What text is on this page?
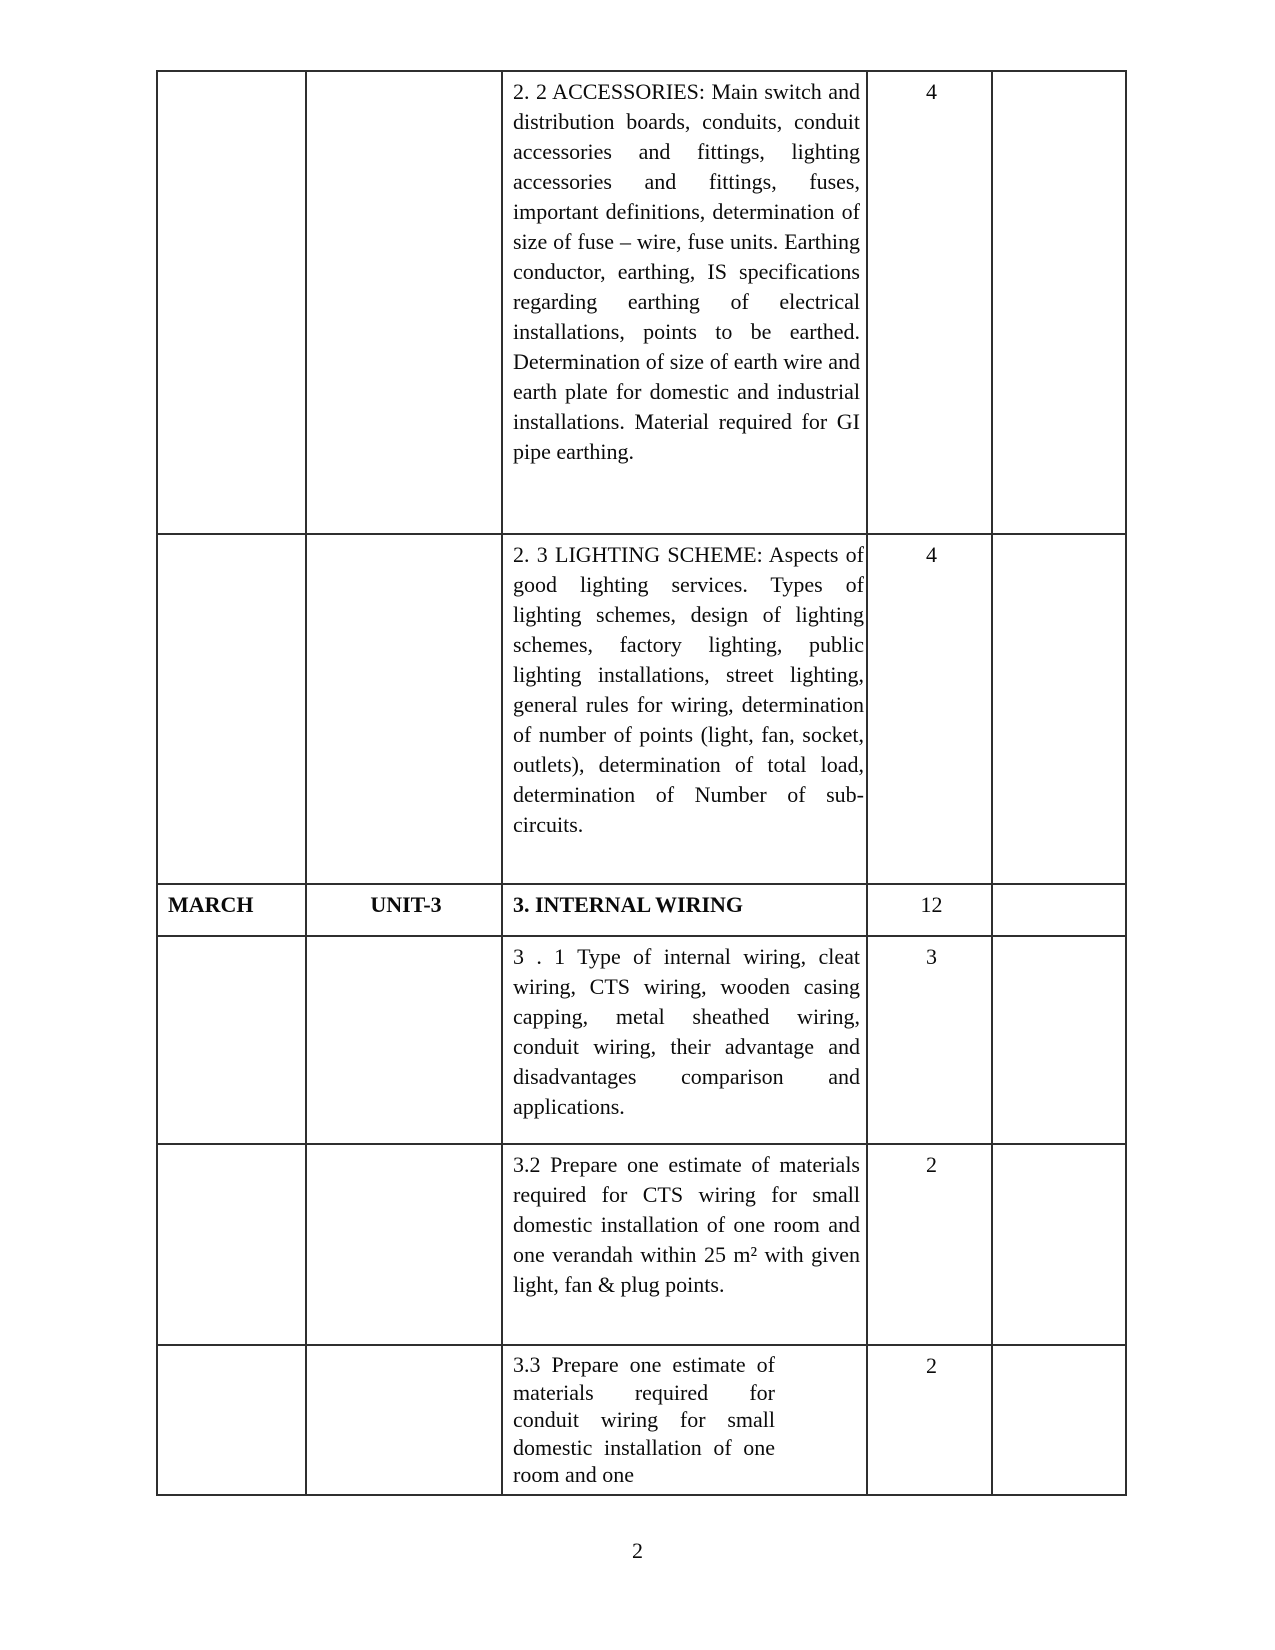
		2. 2 ACCESSORIES: Main switch and distribution boards, conduits, conduit accessories and fittings, lighting accessories and fittings, fuses, important definitions, determination of size of fuse – wire, fuse units. Earthing conductor, earthing, IS specifications regarding earthing of electrical installations, points to be earthed. Determination of size of earth wire and earth plate for domestic and industrial installations. Material required for GI pipe earthing.	4	

		2. 3 LIGHTING SCHEME: Aspects of good lighting services. Types of lighting schemes, design of lighting schemes, factory lighting, public lighting installations, street lighting, general rules for wiring, determination of number of points (light, fan, socket, outlets), determination of total load, determination of Number of sub-circuits.	4	
MARCH	UNIT-3	3. INTERNAL WIRING	12	

		3 . 1 Type of internal wiring, cleat wiring, CTS wiring, wooden casing capping, metal sheathed wiring, conduit wiring, their advantage and disadvantages comparison and applications.	3	

		3.2 Prepare one estimate of materials required for CTS wiring for small domestic installation of one room and one verandah within 25 m² with given light, fan & plug points.	2	

		3.3 Prepare one estimate of materials required for conduit wiring for small domestic installation of one room and one	2	
2
